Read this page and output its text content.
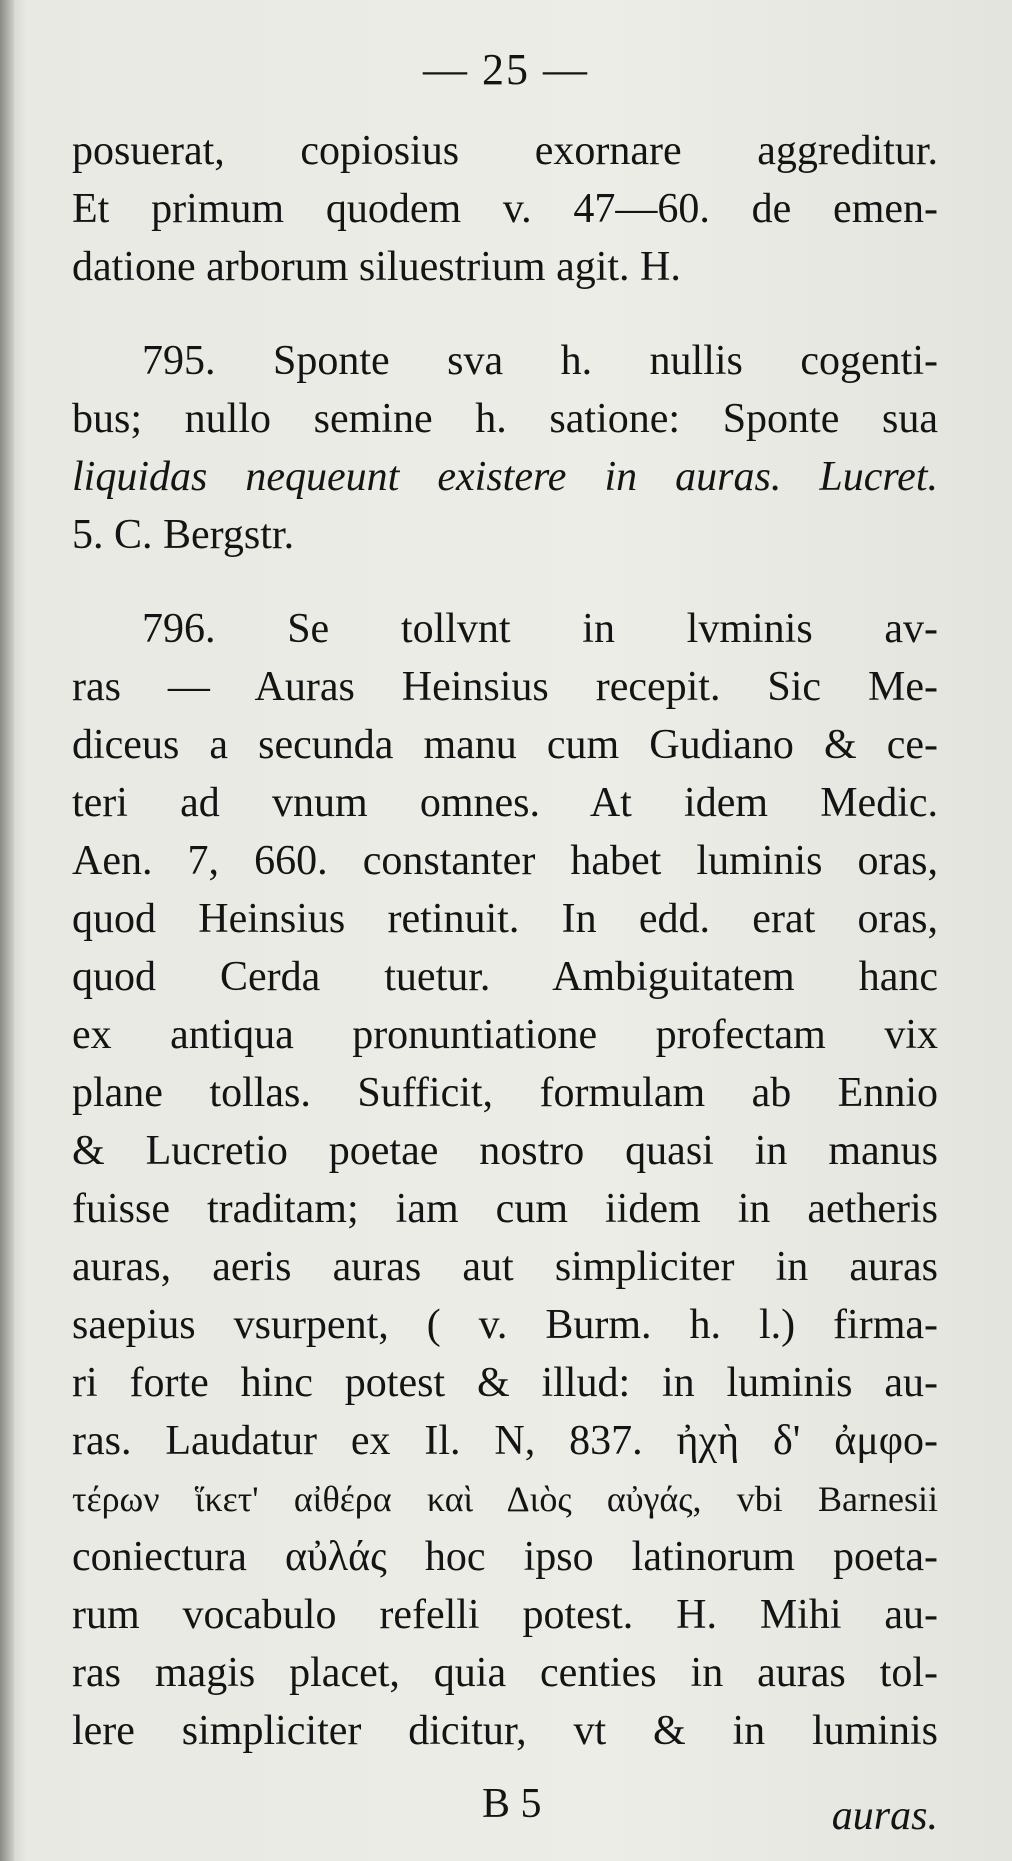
— 25 —
posuerat, copiosius exornare aggreditur.
Et primum quodem v. 47—60. de emen-
datione arborum siluestrium agit. H.
795. Sponte sva h. nullis cogenti-
bus; nullo semine h. satione: Sponte sua
liquidas nequeunt existere in auras. Lucret.
5. C. Bergstr.
796. Se tollvnt in lvminis av-
ras — Auras Heinsius recepit. Sic Me-
diceus a secunda manu cum Gudiano & ce-
teri ad vnum omnes. At idem Medic.
Aen. 7, 660. constanter habet luminis oras,
quod Heinsius retinuit. In edd. erat oras,
quod Cerda tuetur. Ambiguitatem hanc
ex antiqua pronuntiatione profectam vix
plane tollas. Sufficit, formulam ab Ennio
& Lucretio poetae nostro quasi in manus
fuisse traditam; iam cum iidem in aetheris
auras, aeris auras aut simpliciter in auras
saepius vsurpent, ( v. Burm. h. l.) firma-
ri forte hinc potest & illud: in luminis au-
ras. Laudatur ex Il. N, 837. ἠχὴ δ' ἀμφο-
τέρων ἵκετ' αἰθέρα καὶ Διὸς αὐγάς, vbi Barnesii
coniectura αὐλάς hoc ipso latinorum poeta-
rum vocabulo refelli potest. H. Mihi au-
ras magis placet, quia centies in auras tol-
lere simpliciter dicitur, vt & in luminis
B 5	auras.
